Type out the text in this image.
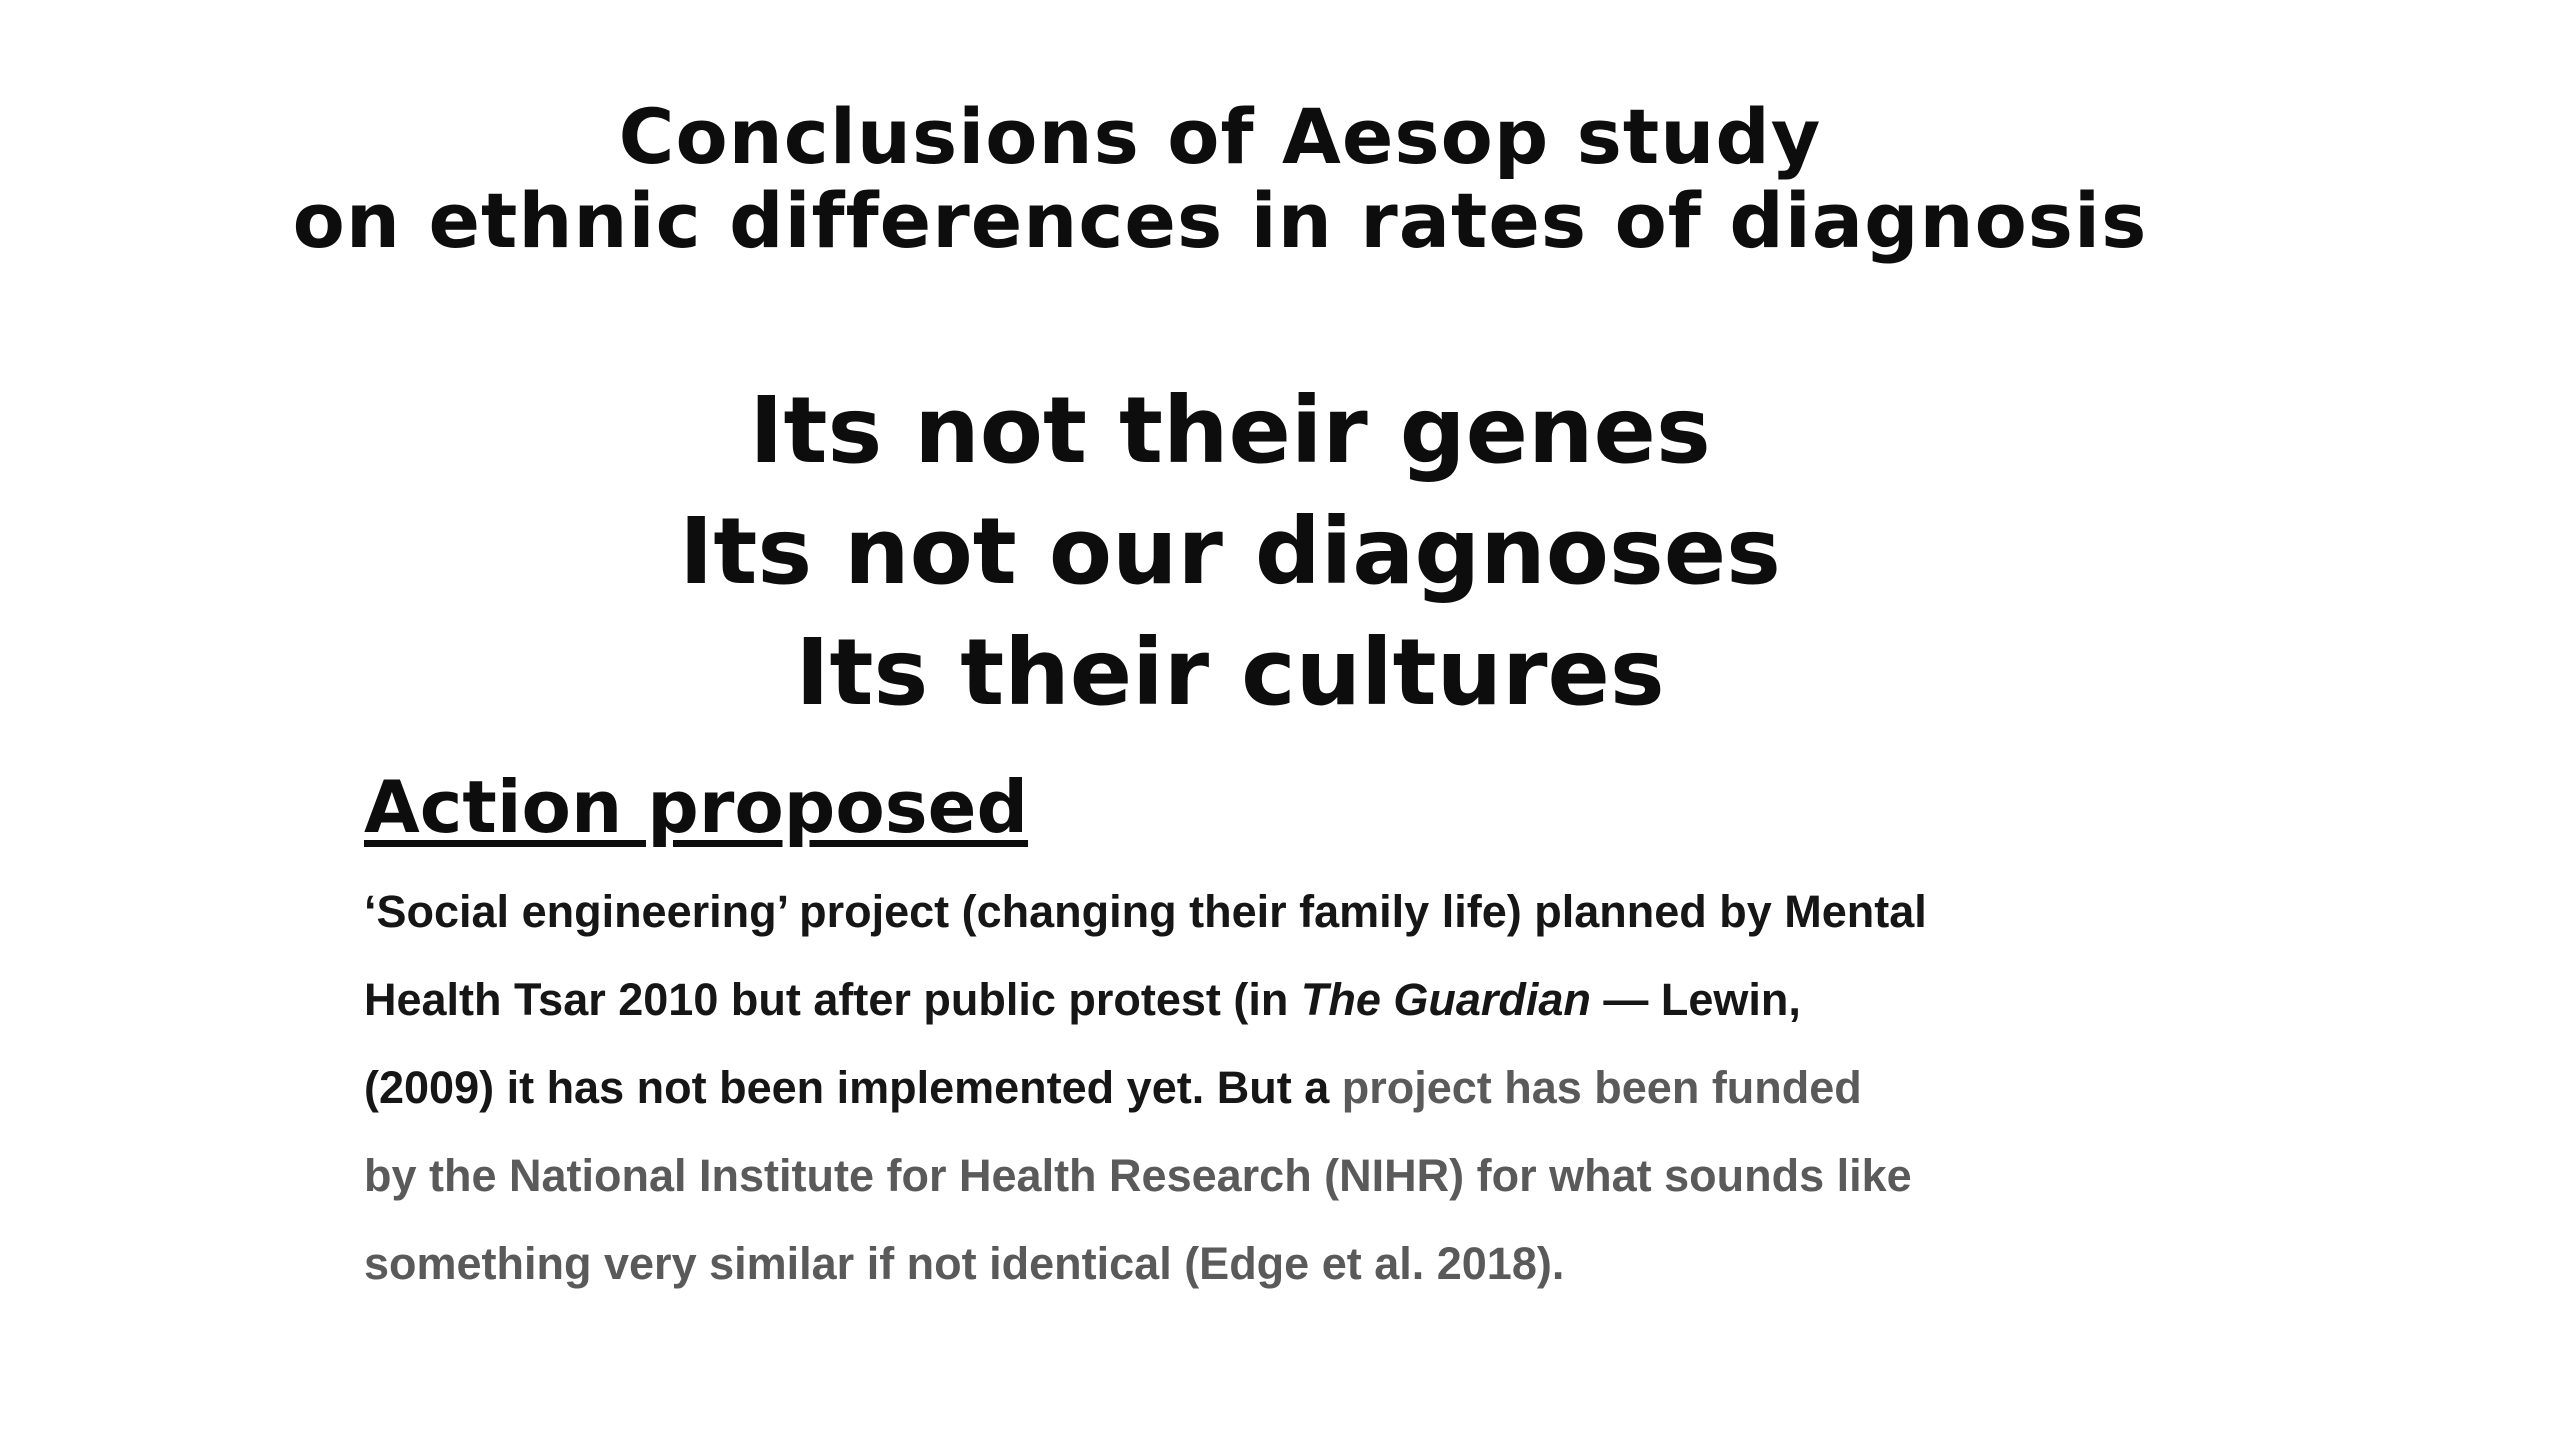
Conclusions of Aesop study
on ethnic differences in rates of diagnosis
Its not their genes
Its not our diagnoses
Its their cultures
Action proposed

‘Social engineering’ project (changing their family life) planned by Mental
Health Tsar 2010 but after public protest (in The Guardian — Lewin,
(2009) it has not been implemented yet. But a project has been funded
by the National Institute for Health Research (NIHR) for what sounds like
something very similar if not identical (Edge et al. 2018).
